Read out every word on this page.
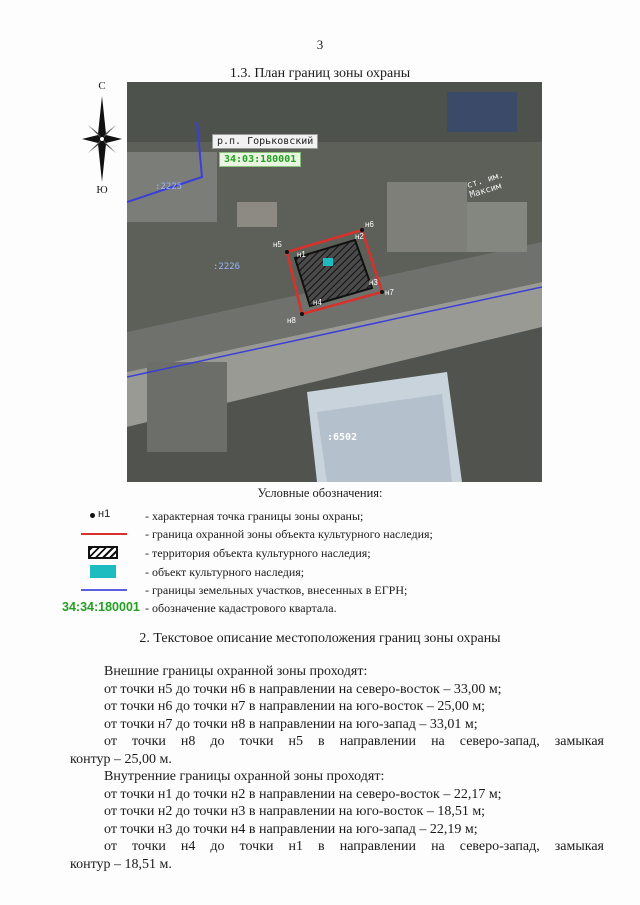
3
1.3. План границ зоны охраны
С
Ю
р.п. Горьковский
34:03:180001
ст. им. Максим
:2225
:2226
:6502
н5
н6
н7
н8
н1
н2
н3
н4
Условные обозначения:
н1	- характерная точка границы зоны охраны;
- граница охранной зоны объекта культурного наследия;
- территория объекта культурного наследия;
- объект культурного наследия;
- границы земельных участков, внесенных в ЕГРН;
34:34:180001 - обозначение кадастрового квартала.
2. Текстовое описание местоположения границ зоны охраны
Внешние границы охранной зоны проходят:
от точки н5 до точки н6 в направлении на северо-восток – 33,00 м;
от точки н6 до точки н7 в направлении на юго-восток – 25,00 м;
от точки н7 до точки н8 в направлении на юго-запад – 33,01 м;
от точки н8 до точки н5 в направлении на северо-запад, замыкая
контур – 25,00 м.
Внутренние границы охранной зоны проходят:
от точки н1 до точки н2 в направлении на северо-восток – 22,17 м;
от точки н2 до точки н3 в направлении на юго-восток – 18,51 м;
от точки н3 до точки н4 в направлении на юго-запад – 22,19 м;
от точки н4 до точки н1 в направлении на северо-запад, замыкая
контур – 18,51 м.
